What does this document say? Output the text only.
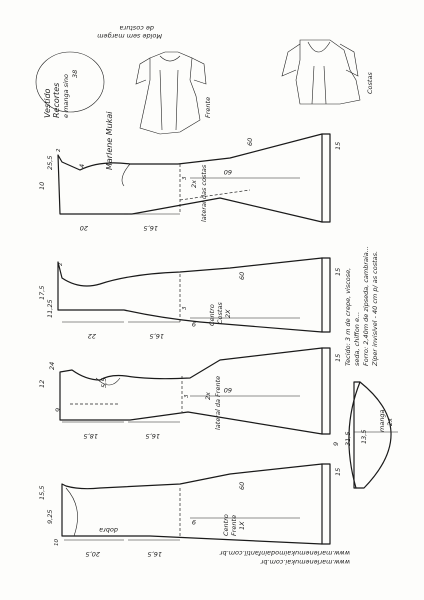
Vestido Recortes e manga sino
38
Molde sem margem
de costura
Frente
Costas
Marlene Mukai
10
25,5
2
4
20	16,5
60
60
15
3 lateral das costas
2x
17,5
11,25
2
22	16,5
60	15
3
9 Centro Costas 2X
12
24
5,5
9
18,5	16,5
60
15
3	lateral da Frente
2x
15,5
9,25
dobra
10
20,5	16,5
60
15
9	Centro Frente 1X
13,5
31,5
9
manga 2x
Tecido: 3 m de crepe, viscose, seda, chiffon e... Forro: 2,40m de zipseda, cambraia... Zíper invisível - 40 cm p/ as costas.
www.marlenemukai.com.br
www.marlenemukaimodainfantil.com.br
